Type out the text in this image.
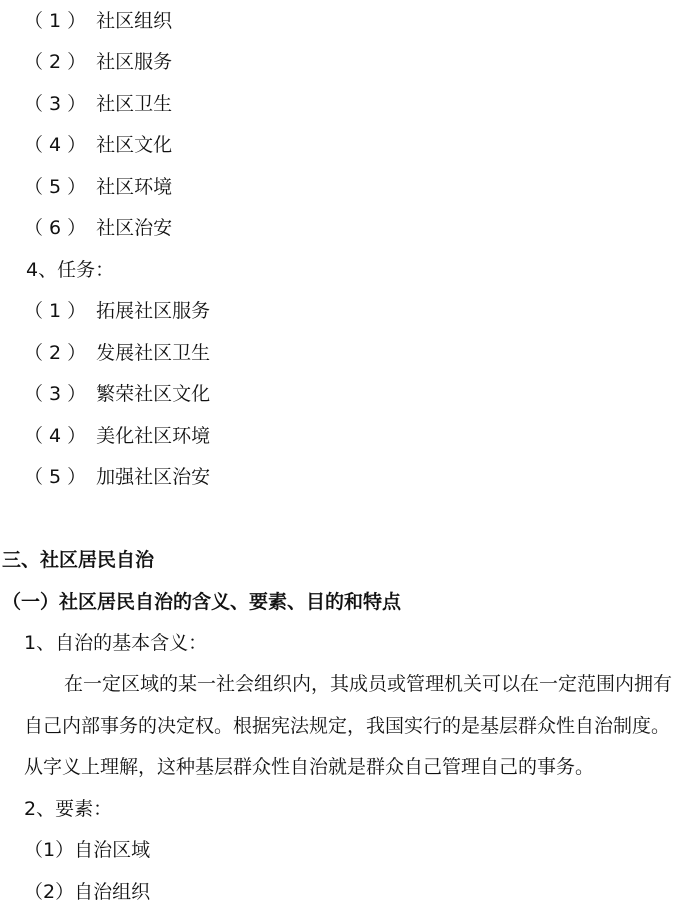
（ 1 ） 社区组织
（ 2 ） 社区服务
（ 3 ） 社区卫生
（ 4 ） 社区文化
（ 5 ） 社区环境
（ 6 ） 社区治安
4、任务：
（ 1 ） 拓展社区服务
（ 2 ） 发展社区卫生
（ 3 ） 繁荣社区文化
（ 4 ） 美化社区环境
（ 5 ） 加强社区治安
三、社区居民自治
（一）社区居民自治的含义、要素、目的和特点
1、自治的基本含义：
在一定区域的某一社会组织内，其成员或管理机关可以在一定范围内拥有
自己内部事务的决定权。根据宪法规定，我国实行的是基层群众性自治制度。
从字义上理解，这种基层群众性自治就是群众自己管理自己的事务。
2、要素：
（1）自治区域
（2）自治组织
